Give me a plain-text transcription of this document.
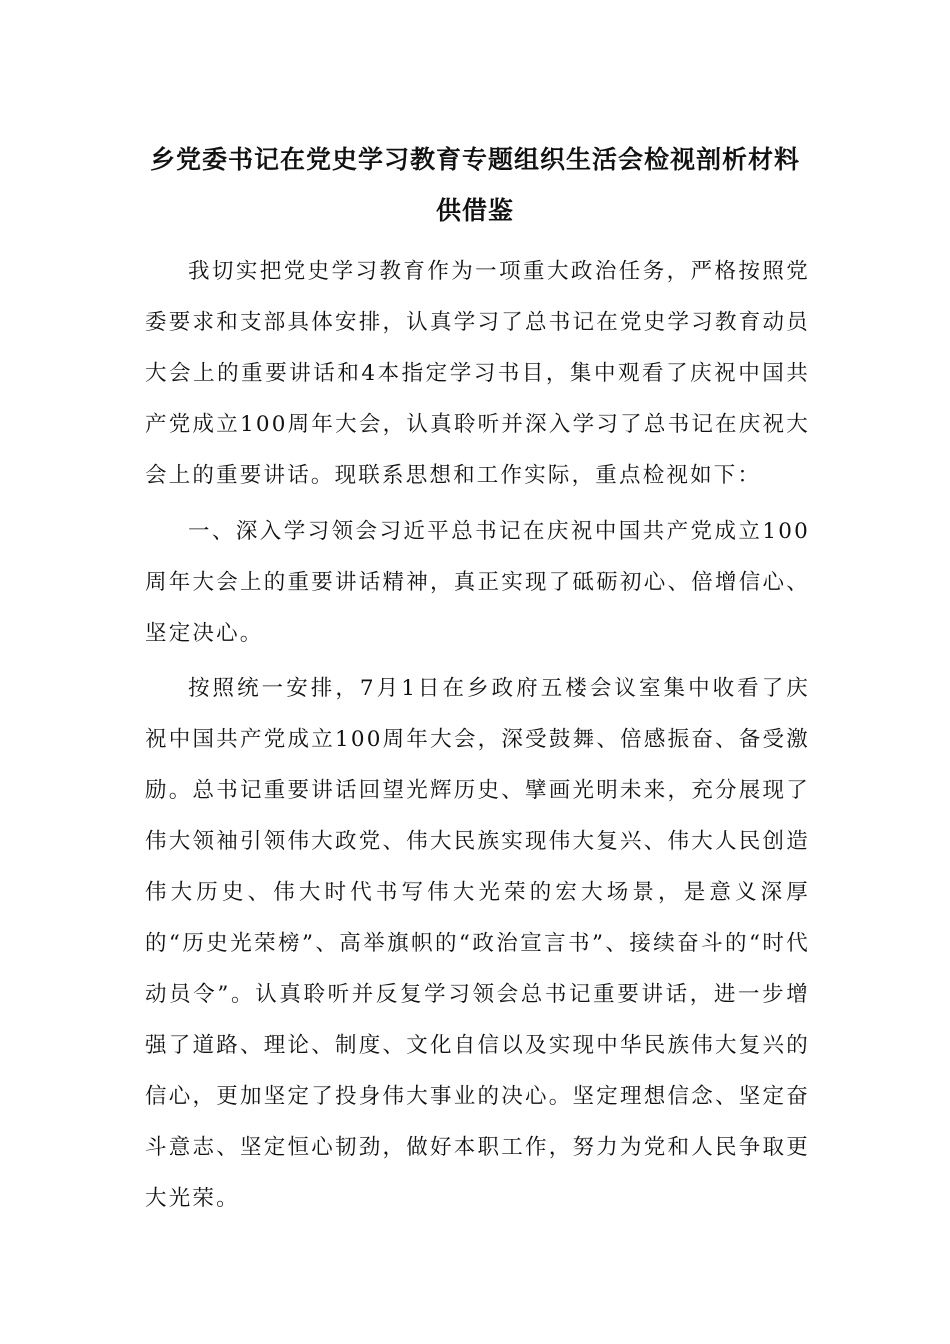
乡党委书记在党史学习教育专题组织生活会检视剖析材料
供借鉴

我切实把党史学习教育作为一项重大政治任务，严格按照党委要求和支部具体安排，认真学习了总书记在党史学习教育动员大会上的重要讲话和4本指定学习书目，集中观看了庆祝中国共产党成立100周年大会，认真聆听并深入学习了总书记在庆祝大会上的重要讲话。现联系思想和工作实际，重点检视如下：

一、深入学习领会习近平总书记在庆祝中国共产党成立100周年大会上的重要讲话精神，真正实现了砥砺初心、倍增信心、坚定决心。

按照统一安排，7月1日在乡政府五楼会议室集中收看了庆祝中国共产党成立100周年大会，深受鼓舞、倍感振奋、备受激励。总书记重要讲话回望光辉历史、擘画光明未来，充分展现了伟大领袖引领伟大政党、伟大民族实现伟大复兴、伟大人民创造伟大历史、伟大时代书写伟大光荣的宏大场景，是意义深厚的“历史光荣榜”、高举旗帜的“政治宣言书”、接续奋斗的“时代动员令”。认真聆听并反复学习领会总书记重要讲话，进一步增强了道路、理论、制度、文化自信以及实现中华民族伟大复兴的信心，更加坚定了投身伟大事业的决心。坚定理想信念、坚定奋斗意志、坚定恒心韧劲，做好本职工作，努力为党和人民争取更大光荣。
